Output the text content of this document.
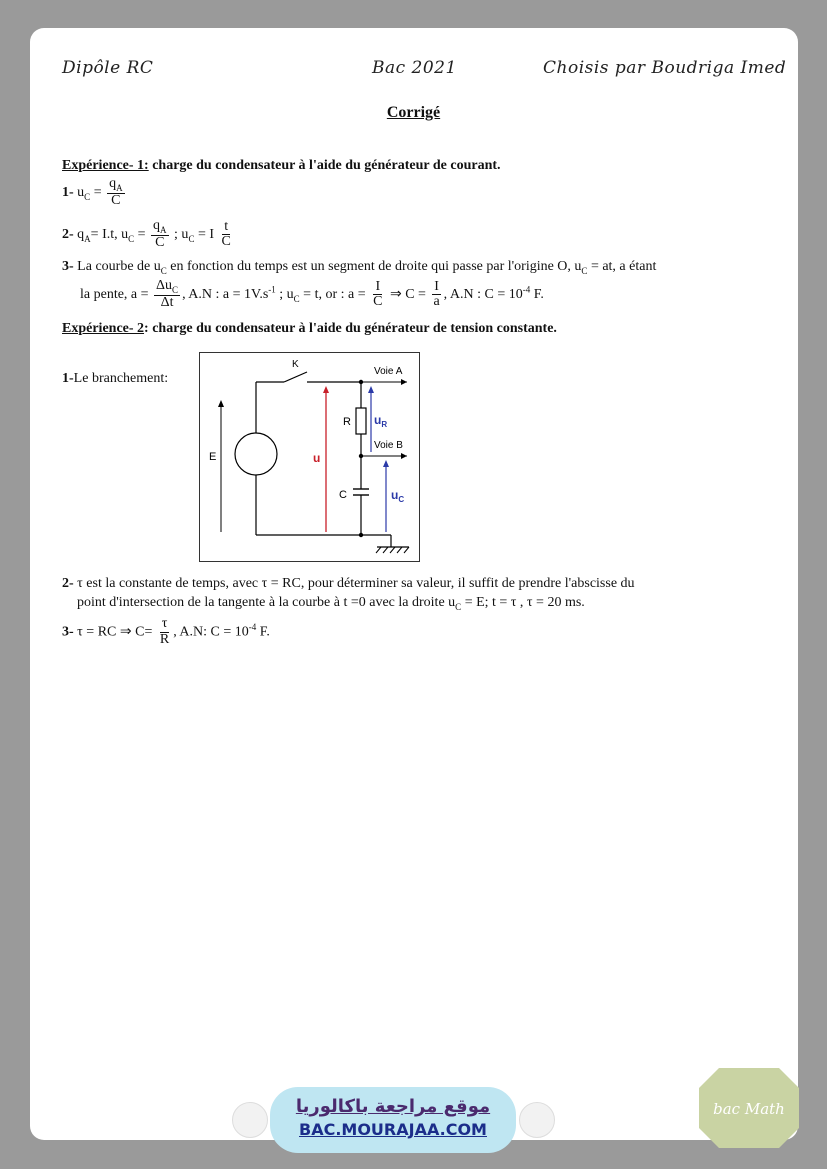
Dipôle RC	Bac 2021	Choisis par Boudriga Imed
Corrigé
Expérience- 1: charge du condensateur à l'aide du générateur de courant.
1- $u_C = \frac{q_A}{C}$
2- $q_A= I.t$, $u_C = \frac{q_A}{C}$ ; $u_C = I \frac{t}{C}$
3- La courbe de $u_C$ en fonction du temps est un segment de droite qui passe par l'origine O, $u_C$ = at, a étant
la pente, $a = \frac{\Delta u_C}{\Delta t}$ , A.N : $a = 1V.s^{-1}$ ; $u_C = t$, or : $a = \frac{I}{C}$ ⇒ $C = \frac{I}{a}$ , A.N : $C = 10^{-4}$ F.
Expérience- 2: charge du condensateur à l'aide du générateur de tension constante.
1-Le branchement:
K
Voie A
Voie B
E	u
$u_R$
$u_C$
R
C
2- τ est la constante de temps, avec τ = RC, pour déterminer sa valeur, il suffit de prendre l'abscisse du
point d'intersection de la tangente à la courbe à t =0 avec la droite $u_C = E$; t = τ , τ = 20 ms.
3- τ = RC ⇒ $C= \frac{\tau}{R}$ , A.N: $C = 10^{-4}$ F.
موقع مراجعة باكالوريا
BAC.MOURAJAA.COM
bac Math
